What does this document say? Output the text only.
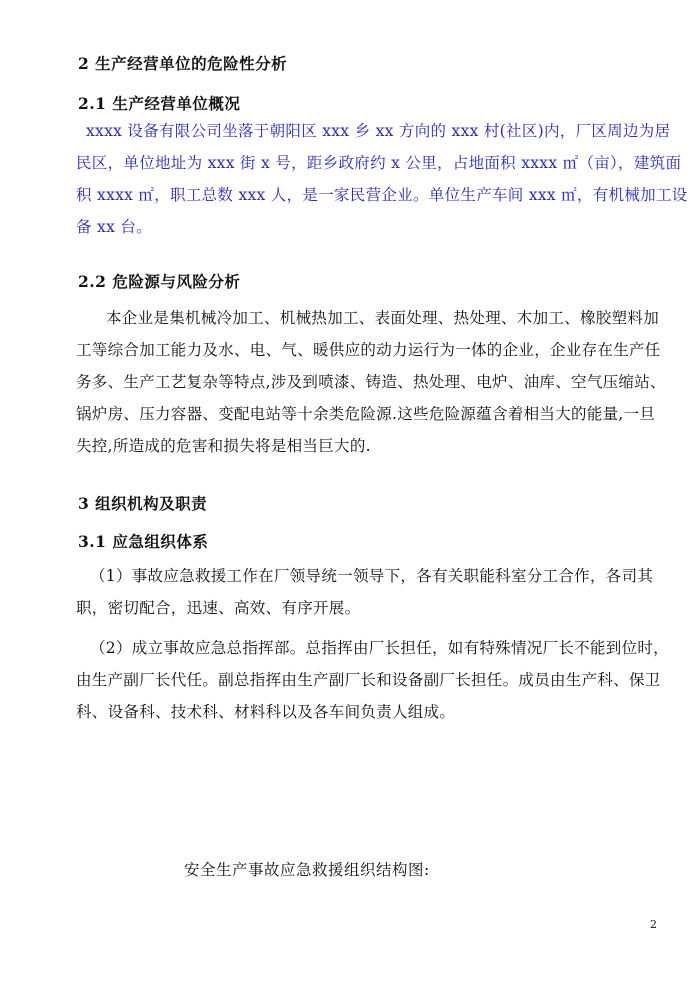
2 生产经营单位的危险性分析
2.1 生产经营单位概况
xxxx 设备有限公司坐落于朝阳区 xxx 乡 xx 方向的 xxx 村(社区)内，厂区周边为居
民区，单位地址为 xxx 街 x 号，距乡政府约 x 公里，占地面积 xxxx ㎡（亩），建筑面
积 xxxx ㎡，职工总数 xxx 人，是一家民营企业。单位生产车间 xxx ㎡，有机械加工设
备 xx 台。
2.2 危险源与风险分析
本企业是集机械冷加工、机械热加工、表面处理、热处理、木加工、橡胶塑料加
工等综合加工能力及水、电、气、暖供应的动力运行为一体的企业，企业存在生产任
务多、生产工艺复杂等特点,涉及到喷漆、铸造、热处理、电炉、油库、空气压缩站、
锅炉房、压力容器、变配电站等十余类危险源.这些危险源蕴含着相当大的能量,一旦
失控,所造成的危害和损失将是相当巨大的.
3 组织机构及职责
3.1 应急组织体系
（1）事故应急救援工作在厂领导统一领导下，各有关职能科室分工合作，各司其
职，密切配合，迅速、高效、有序开展。
（2）成立事故应急总指挥部。总指挥由厂长担任，如有特殊情况厂长不能到位时，
由生产副厂长代任。副总指挥由生产副厂长和设备副厂长担任。成员由生产科、保卫
科、设备科、技术科、材料科以及各车间负责人组成。
安全生产事故应急救援组织结构图:
2
